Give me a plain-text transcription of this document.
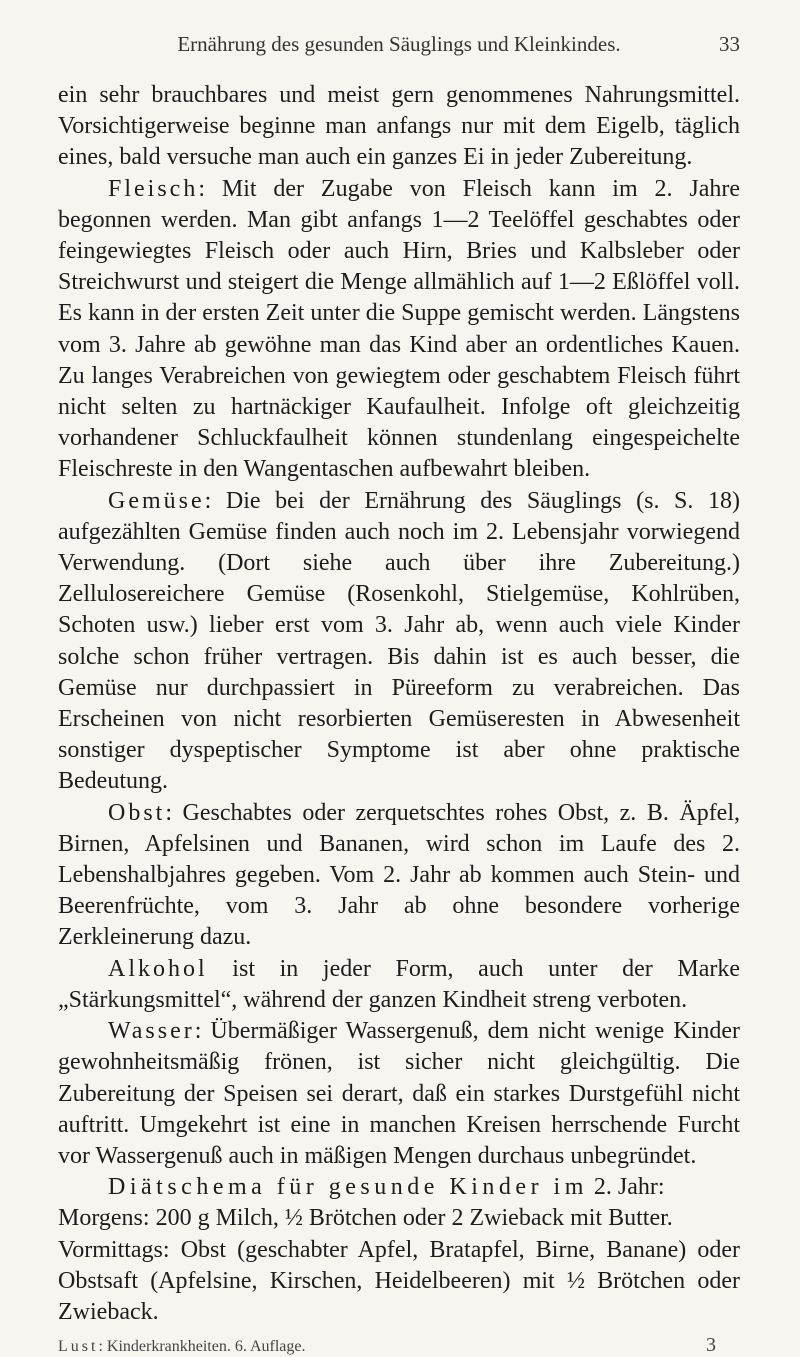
Ernährung des gesunden Säuglings und Kleinkindes.	33

ein sehr brauchbares und meist gern genommenes Nahrungsmittel. Vorsichtigerweise beginne man anfangs nur mit dem Eigelb, täglich eines, bald versuche man auch ein ganzes Ei in jeder Zubereitung.

Fleisch: Mit der Zugabe von Fleisch kann im 2. Jahre begonnen werden. Man gibt anfangs 1—2 Teelöffel geschabtes oder feingewiegtes Fleisch oder auch Hirn, Bries und Kalbsleber oder Streichwurst und steigert die Menge allmählich auf 1—2 Eßlöffel voll. Es kann in der ersten Zeit unter die Suppe gemischt werden. Längstens vom 3. Jahre ab gewöhne man das Kind aber an ordentliches Kauen. Zu langes Verabreichen von gewiegtem oder geschabtem Fleisch führt nicht selten zu hartnäckiger Kaufaulheit. Infolge oft gleichzeitig vorhandener Schluckfaulheit können stundenlang eingespeichelte Fleischreste in den Wangentaschen aufbewahrt bleiben.

Gemüse: Die bei der Ernährung des Säuglings (s. S. 18) aufgezählten Gemüse finden auch noch im 2. Lebensjahr vorwiegend Verwendung. (Dort siehe auch über ihre Zubereitung.) Zellulosereichere Gemüse (Rosenkohl, Stielgemüse, Kohlrüben, Schoten usw.) lieber erst vom 3. Jahr ab, wenn auch viele Kinder solche schon früher vertragen. Bis dahin ist es auch besser, die Gemüse nur durchpassiert in Püreeform zu verabreichen. Das Erscheinen von nicht resorbierten Gemüseresten in Abwesenheit sonstiger dyspeptischer Symptome ist aber ohne praktische Bedeutung.

Obst: Geschabtes oder zerquetschtes rohes Obst, z. B. Äpfel, Birnen, Apfelsinen und Bananen, wird schon im Laufe des 2. Lebenshalbjahres gegeben. Vom 2. Jahr ab kommen auch Stein- und Beerenfrüchte, vom 3. Jahr ab ohne besondere vorherige Zerkleinerung dazu.

Alkohol ist in jeder Form, auch unter der Marke „Stärkungsmittel“, während der ganzen Kindheit streng verboten.

Wasser: Übermäßiger Wassergenuß, dem nicht wenige Kinder gewohnheitsmäßig frönen, ist sicher nicht gleichgültig. Die Zubereitung der Speisen sei derart, daß ein starkes Durstgefühl nicht auftritt. Umgekehrt ist eine in manchen Kreisen herrschende Furcht vor Wassergenuß auch in mäßigen Mengen durchaus unbegründet.

Diätschema für gesunde Kinder im 2. Jahr:

Morgens: 200 g Milch, ½ Brötchen oder 2 Zwieback mit Butter.

Vormittags: Obst (geschabter Apfel, Bratapfel, Birne, Banane) oder Obstsaft (Apfelsine, Kirschen, Heidelbeeren) mit ½ Brötchen oder Zwieback.

Lust: Kinderkrankheiten. 6. Auflage.	3
